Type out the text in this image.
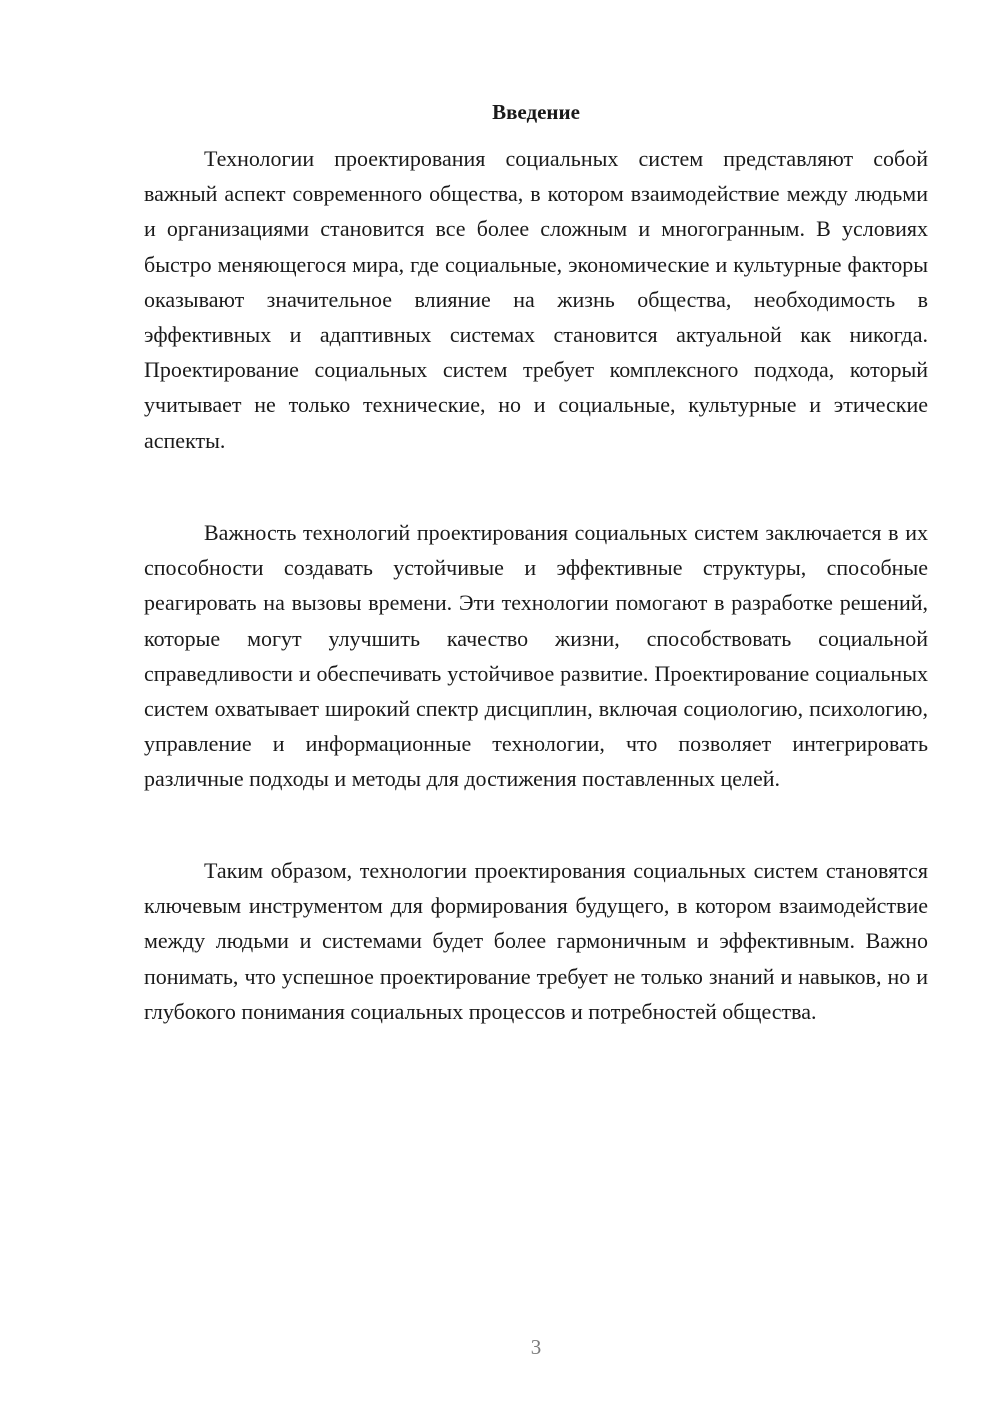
Введение

Технологии проектирования социальных систем представляют собой важный аспект современного общества, в котором взаимодействие между людьми и организациями становится все более сложным и многогранным. В условиях быстро меняющегося мира, где социальные, экономические и культурные факторы оказывают значительное влияние на жизнь общества, необходимость в эффективных и адаптивных системах становится актуальной как никогда. Проектирование социальных систем требует комплексного подхода, который учитывает не только технические, но и социальные, культурные и этические аспекты.

Важность технологий проектирования социальных систем заключается в их способности создавать устойчивые и эффективные структуры, способные реагировать на вызовы времени. Эти технологии помогают в разработке решений, которые могут улучшить качество жизни, способствовать социальной справедливости и обеспечивать устойчивое развитие. Проектирование социальных систем охватывает широкий спектр дисциплин, включая социологию, психологию, управление и информационные технологии, что позволяет интегрировать различные подходы и методы для достижения поставленных целей.

Таким образом, технологии проектирования социальных систем становятся ключевым инструментом для формирования будущего, в котором взаимодействие между людьми и системами будет более гармоничным и эффективным. Важно понимать, что успешное проектирование требует не только знаний и навыков, но и глубокого понимания социальных процессов и потребностей общества.

3
